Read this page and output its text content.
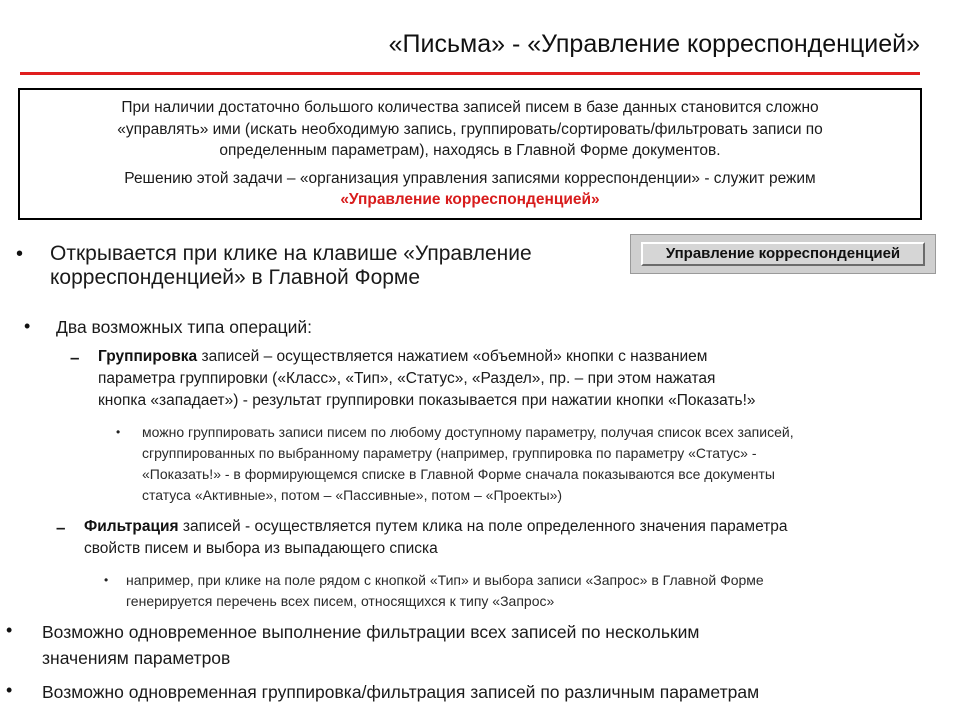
«Письма» - «Управление корреспонденцией»
При наличии достаточно большого количества записей писем в базе данных становится сложно
«управлять» ими (искать необходимую запись, группировать/сортировать/фильтровать записи по
определенным параметрам), находясь в Главной Форме документов.
Решению этой задачи – «организация управления записями корреспонденции» - служит режим
«Управление корреспонденцией»
• Открывается при клике на клавише «Управление
корреспонденцией» в Главной Форме
Управление корреспонденцией
• Два возможных типа операций:
– Группировка записей – осуществляется нажатием «объемной» кнопки с названием
параметра группировки («Класс», «Тип», «Статус», «Раздел», пр. – при этом нажатая
кнопка «западает») - результат группировки показывается при нажатии кнопки «Показать!»
• можно группировать записи писем по любому доступному параметру, получая список всех записей,
сгруппированных по выбранному параметру (например, группировка по параметру «Статус» -
«Показать!» - в формирующемся списке в Главной Форме сначала показываются все документы
статуса «Активные», потом – «Пассивные», потом – «Проекты»)
– Фильтрация записей - осуществляется путем клика на поле определенного значения параметра
свойств писем и выбора из выпадающего списка
• например, при клике на поле рядом с кнопкой «Тип» и выбора записи «Запрос» в Главной Форме
генерируется перечень всех писем, относящихся к типу «Запрос»
• Возможно одновременное выполнение фильтрации всех записей по нескольким
значениям параметров
• Возможно одновременная группировка/фильтрация записей по различным параметрам
